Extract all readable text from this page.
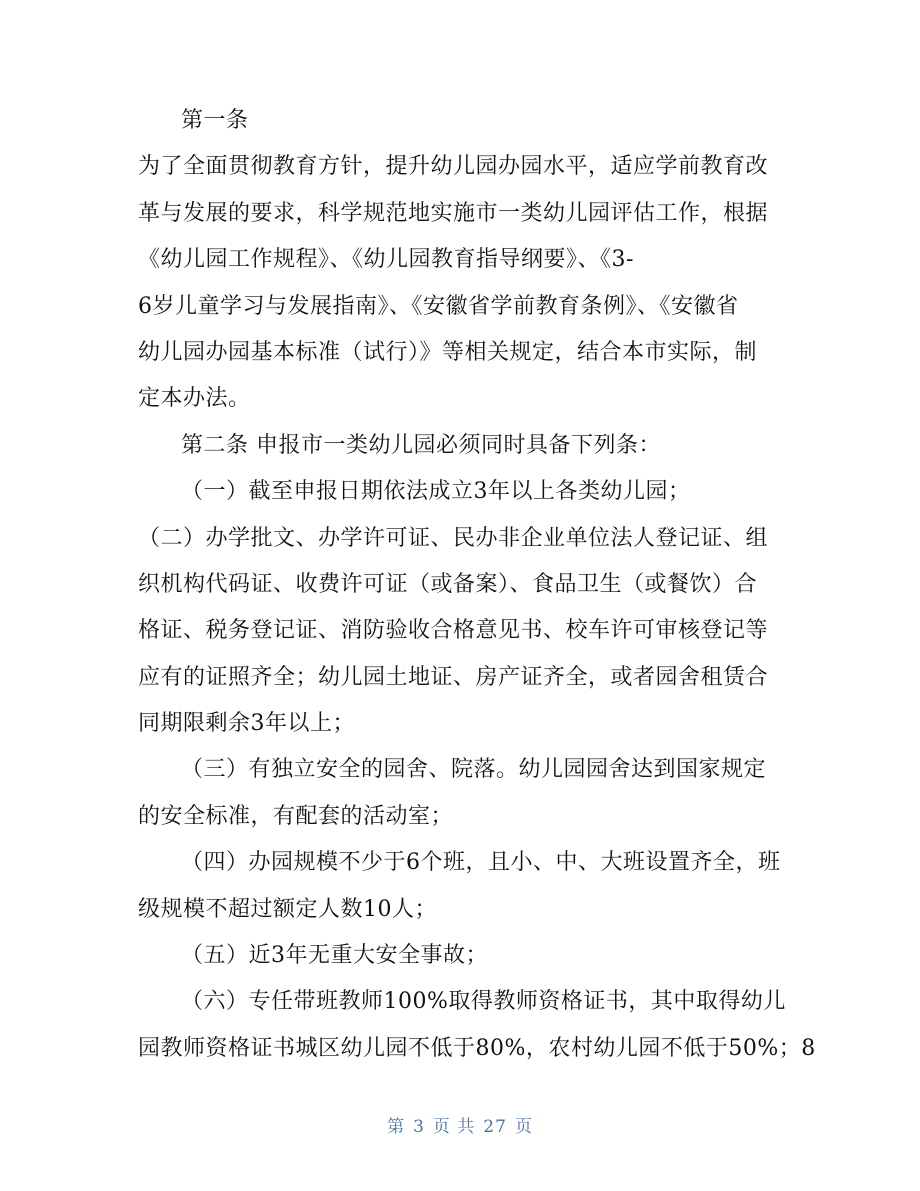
第一条
为了全面贯彻教育方针，提升幼儿园办园水平，适应学前教育改
革与发展的要求，科学规范地实施市一类幼儿园评估工作，根据
《幼儿园工作规程》、《幼儿园教育指导纲要》、《3-
6岁儿童学习与发展指南》、《安徽省学前教育条例》、《安徽省
幼儿园办园基本标准（试行）》等相关规定，结合本市实际，制
定本办法。
第二条 申报市一类幼儿园必须同时具备下列条：
（一）截至申报日期依法成立3年以上各类幼儿园；
（二）办学批文、办学许可证、民办非企业单位法人登记证、组
织机构代码证、收费许可证（或备案）、食品卫生（或餐饮）合
格证、税务登记证、消防验收合格意见书、校车许可审核登记等
应有的证照齐全；幼儿园土地证、房产证齐全，或者园舍租赁合
同期限剩余3年以上；
（三）有独立安全的园舍、院落。幼儿园园舍达到国家规定
的安全标准，有配套的活动室；
（四）办园规模不少于6个班，且小、中、大班设置齐全，班
级规模不超过额定人数10人；
（五）近3年无重大安全事故；
（六）专任带班教师100%取得教师资格证书，其中取得幼儿
园教师资格证书城区幼儿园不低于80%，农村幼儿园不低于50%；8
第 3 页 共 27 页
